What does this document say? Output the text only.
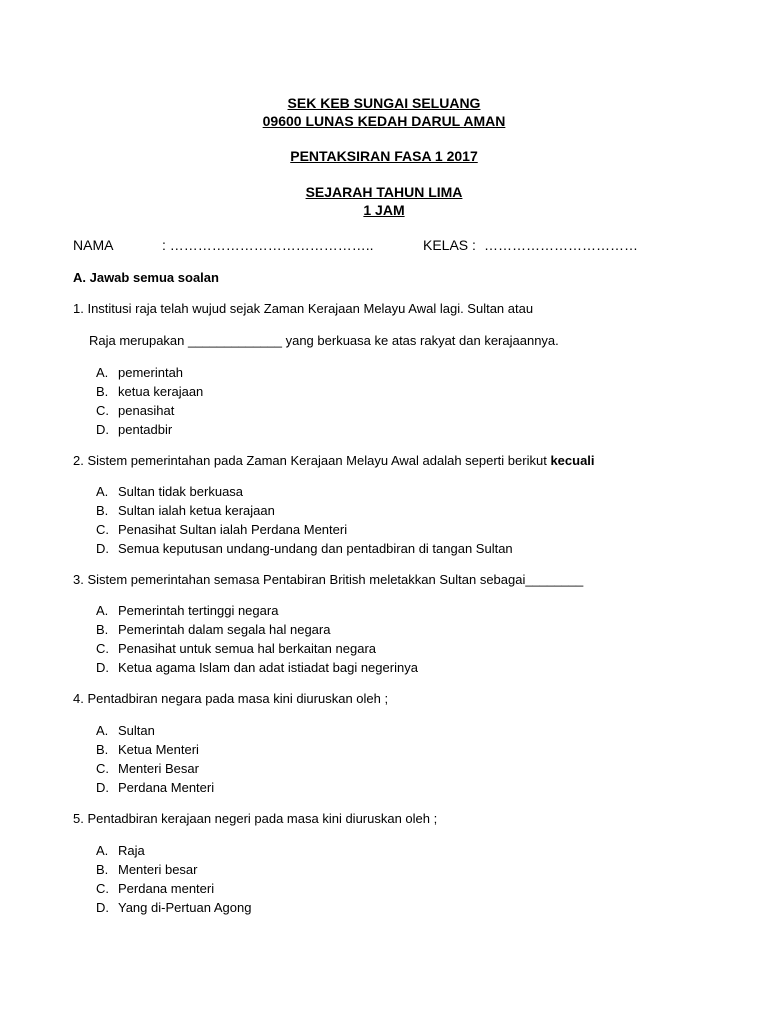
SEK KEB SUNGAI SELUANG
09600 LUNAS KEDAH DARUL AMAN
PENTAKSIRAN FASA 1 2017
SEJARAH TAHUN LIMA
1 JAM
NAMA	: ……………………………………..	KELAS : ……………………………
A. Jawab semua soalan
1. Institusi raja telah wujud sejak Zaman Kerajaan Melayu Awal lagi. Sultan atau
Raja merupakan _____________ yang berkuasa ke atas rakyat dan kerajaannya.
A. pemerintah
B. ketua kerajaan
C. penasihat
D. pentadbir
2. Sistem pemerintahan pada Zaman Kerajaan Melayu Awal adalah seperti berikut kecuali
A. Sultan tidak berkuasa
B. Sultan ialah ketua kerajaan
C. Penasihat Sultan ialah Perdana Menteri
D. Semua keputusan undang-undang dan pentadbiran di tangan Sultan
3. Sistem pemerintahan semasa Pentabiran British meletakkan Sultan sebagai________
A. Pemerintah tertinggi negara
B. Pemerintah dalam segala hal negara
C. Penasihat untuk semua hal berkaitan negara
D. Ketua agama Islam dan adat istiadat bagi negerinya
4. Pentadbiran negara pada masa kini diuruskan oleh ;
A. Sultan
B. Ketua Menteri
C. Menteri Besar
D. Perdana Menteri
5. Pentadbiran kerajaan negeri pada masa kini diuruskan oleh ;
A. Raja
B. Menteri besar
C. Perdana menteri
D. Yang di-Pertuan Agong
